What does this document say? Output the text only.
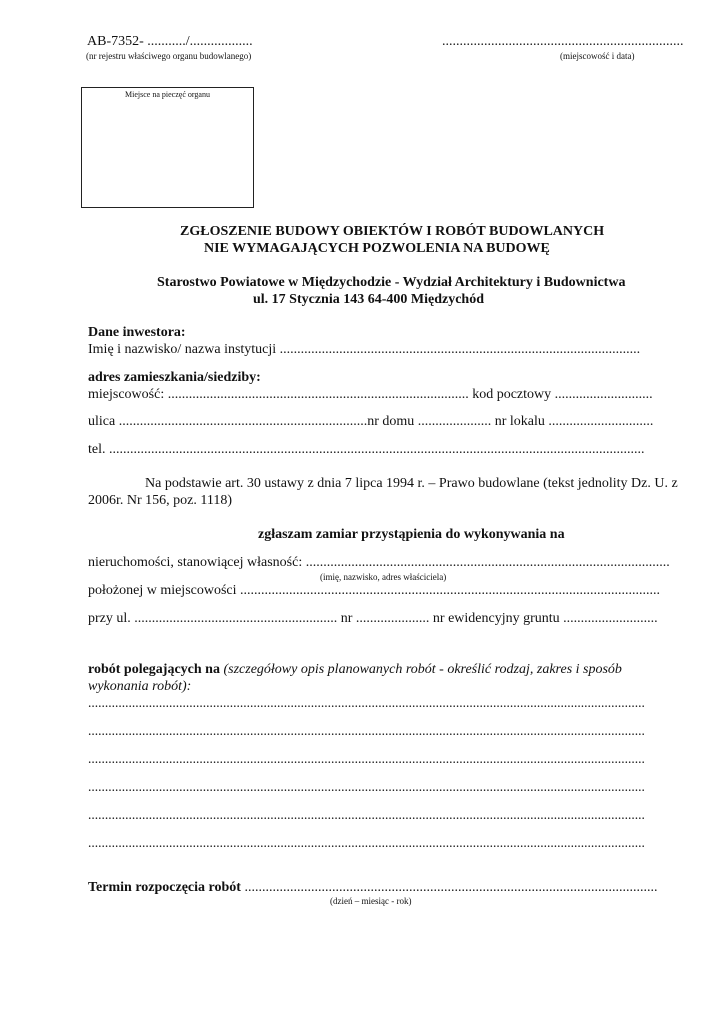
AB-7352- .........../..................
(nr rejestru właściwego organu budowlanego)
.....................................................................
(miejscowość i data)
Miejsce na pieczęć organu
ZGŁOSZENIE BUDOWY OBIEKTÓW I ROBÓT BUDOWLANYCH
NIE WYMAGAJĄCYCH POZWOLENIA NA BUDOWĘ
Starostwo Powiatowe w Międzychodzie - Wydział Architektury i Budownictwa
ul. 17 Stycznia 143 64-400 Międzychód
Dane inwestora:
Imię i nazwisko/ nazwa instytucji .......................................................................................................
adres zamieszkania/siedziby:
miejscowość: ...................................................................................... kod pocztowy ............................
ulica .......................................................................nr domu ..................... nr lokalu ..............................
tel. .........................................................................................................................................................
Na podstawie art. 30 ustawy z dnia 7 lipca 1994 r. – Prawo budowlane (tekst jednolity Dz. U. z
2006r. Nr 156, poz. 1118)
zgłaszam zamiar przystąpienia do wykonywania na
nieruchomości, stanowiącej własność: ........................................................................................................
(imię, nazwisko, adres właściciela)
położonej w miejscowości ........................................................................................................................
przy ul. .......................................................... nr ..................... nr ewidencyjny gruntu ...........................
robót polegających na (szczegółowy opis planowanych robót - określić rodzaj, zakres i sposób
wykonania robót):
.....................................................................................................................................................................
.....................................................................................................................................................................
.....................................................................................................................................................................
.....................................................................................................................................................................
.....................................................................................................................................................................
.....................................................................................................................................................................
Termin rozpoczęcia robót ......................................................................................................................
(dzień – miesiąc - rok)
